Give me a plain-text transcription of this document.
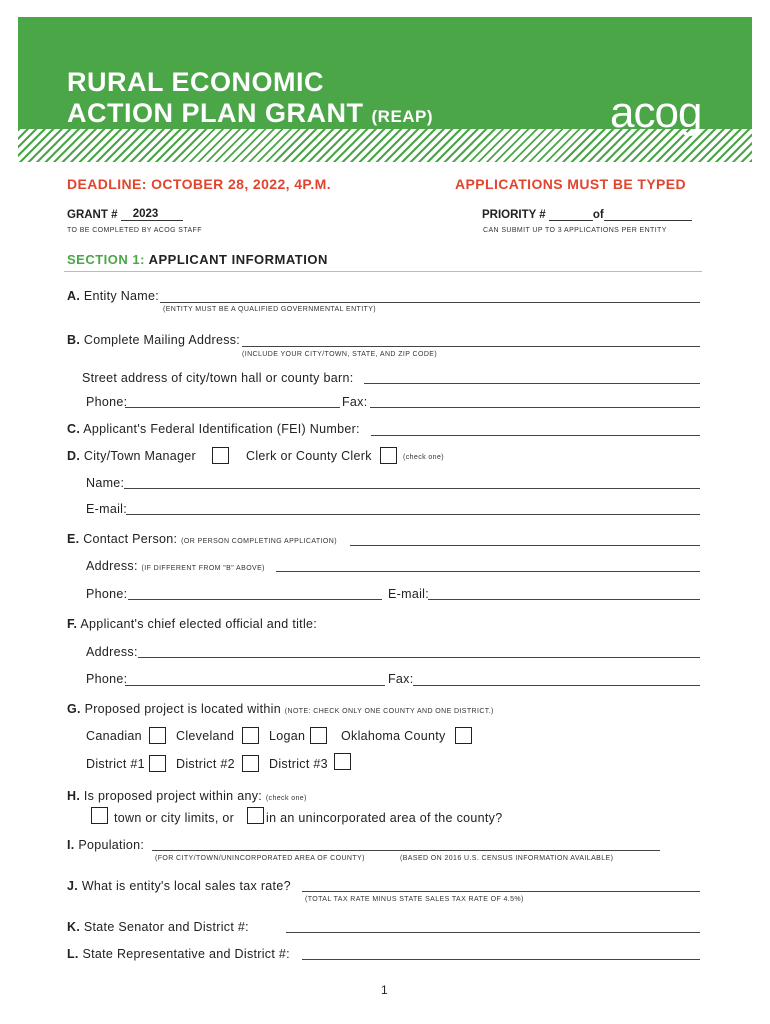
RURAL ECONOMIC
ACTION PLAN GRANT (REAP)	acog
DEADLINE: OCTOBER 28, 2022, 4P.M.	APPLICATIONS MUST BE TYPED
GRANT # 2023
TO BE COMPLETED BY ACOG STAFF
PRIORITY #	of
CAN SUBMIT UP TO 3 APPLICATIONS PER ENTITY
SECTION 1: APPLICANT INFORMATION
A. Entity Name:
(ENTITY MUST BE A QUALIFIED GOVERNMENTAL ENTITY)
B. Complete Mailing Address:
(INCLUDE YOUR CITY/TOWN, STATE, AND ZIP CODE)
Street address of city/town hall or county barn:
Phone:	Fax:
C. Applicant's Federal Identification (FEI) Number:
D. City/Town Manager	Clerk or County Clerk	(check one)
Name:
E-mail:
E. Contact Person: (OR PERSON COMPLETING APPLICATION)
Address: (IF DIFFERENT FROM "B" ABOVE)
Phone:	E-mail:
F. Applicant's chief elected official and title:
Address:
Phone:	Fax:
G. Proposed project is located within (NOTE: CHECK ONLY ONE COUNTY AND ONE DISTRICT.)
Canadian	Cleveland	Logan	Oklahoma County
District #1 District #2	District #3
H. Is proposed project within any: (check one)
town or city limits, or	in an unincorporated area of the county?
I. Population:
(FOR CITY/TOWN/UNINCORPORATED AREA OF COUNTY)	(BASED ON 2016 U.S. CENSUS INFORMATION AVAILABLE)
J. What is entity's local sales tax rate?
(TOTAL TAX RATE MINUS STATE SALES TAX RATE OF 4.5%)
K. State Senator and District #:
L. State Representative and District #:
1
